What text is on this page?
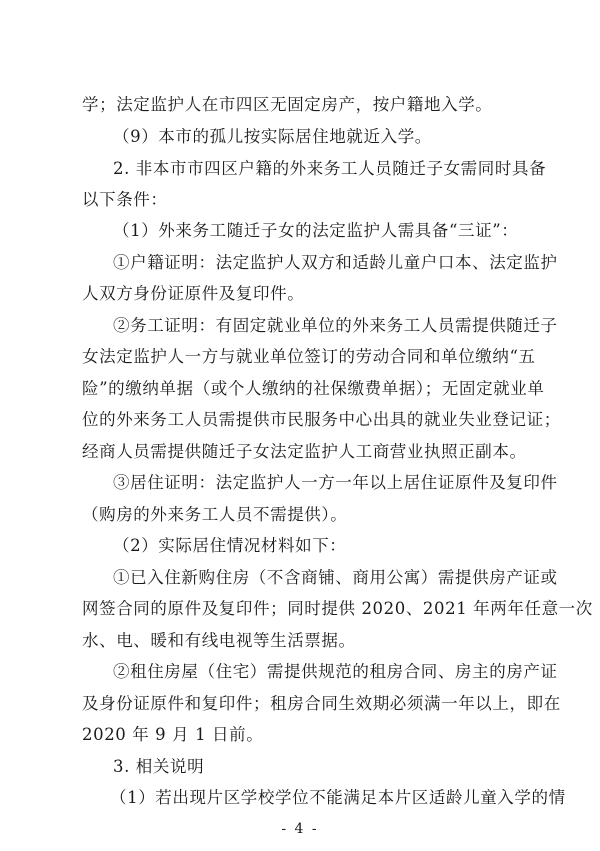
学；法定监护人在市四区无固定房产，按户籍地入学。
（9）本市的孤儿按实际居住地就近入学。
2. 非本市市四区户籍的外来务工人员随迁子女需同时具备
以下条件：
（1）外来务工随迁子女的法定监护人需具备“三证”：
①户籍证明：法定监护人双方和适龄儿童户口本、法定监护
人双方身份证原件及复印件。
②务工证明：有固定就业单位的外来务工人员需提供随迁子
女法定监护人一方与就业单位签订的劳动合同和单位缴纳“五
险”的缴纳单据（或个人缴纳的社保缴费单据）；无固定就业单
位的外来务工人员需提供市民服务中心出具的就业失业登记证；
经商人员需提供随迁子女法定监护人工商营业执照正副本。
③居住证明：法定监护人一方一年以上居住证原件及复印件
（购房的外来务工人员不需提供）。
（2）实际居住情况材料如下：
①已入住新购住房（不含商铺、商用公寓）需提供房产证或
网签合同的原件及复印件；同时提供 2020、2021 年两年任意一次
水、电、暖和有线电视等生活票据。
②租住房屋（住宅）需提供规范的租房合同、房主的房产证
及身份证原件和复印件；租房合同生效期必须满一年以上，即在
2020 年 9 月 1 日前。
3. 相关说明
（1）若出现片区学校学位不能满足本片区适龄儿童入学的情
- 4 -
